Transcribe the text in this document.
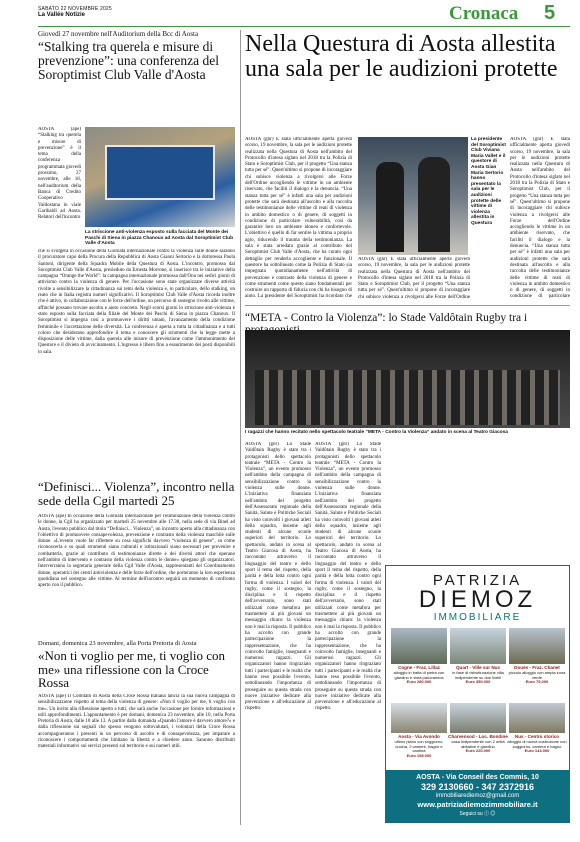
SABATO 22 NOVEMBRE 2025
La Vallée Notizie	Cronaca 5
Giovedì 27 novembre nell'Auditorium della Bcc di Aosta
“Stalking tra querela e misure di prevenzione”: una conferenza del Soroptimist Club Valle d'Aosta
AOSTA (ape) “Stalking tra querela e misure di prevenzione” è il tema della conferenza programmata giovedì prossimo, 27 novembre, alle 18, nell'auditorium della Banca di Credito Cooperativo Valdostana in viale Garibaldi ad Aosta. Relatori dell'incontro
La striscione anti-violenza esposto sulla facciata del Monte dei Paschi di Siena in piazza Chanoux ad Aosta dal Soroptimist Club Valle d'Aosta
che si svolgerà in occasione della Giornata internazionale contro la violenza sulle donne saranno il procuratore capo della Procura della Repubblica di Aosta Gianni Sertorio e la dottoressa Paola Santoni, dirigente della Squadra Mobile della Questura di Aosta. L'incontro, promosso dal Soroptimist Club Valle d'Aosta, presieduto da Ernesta Morrone, si inserisce tra le iniziative della campagna “Orange the World”: la campagna internazionale promossa dall'Onu nei sedici giorni di attivismo contro la violenza di genere. Per l'occasione sono state organizzate diverse attività rivolte a sensibilizzare la cittadinanza sui temi della violenza e, in particolare, dello stalking, un reato che in Italia registra numeri significativi. Il Soroptimist Club Valle d'Aosta ricorda inoltre che è attivo, in collaborazione con le forze dell'ordine, un percorso di sostegno rivolto alle vittime, affinché possano trovare ascolto e aiuto concreto. Negli scorsi giorni lo striscione anti-violenza è stato esposto sulla facciata della filiale del Monte dei Paschi di Siena in piazza Chanoux. Il Soroptimist si impegna così a promuovere i diritti umani, l'avanzamento della condizione femminile e l'accettazione delle diversità. La conferenza è aperta a tutta la cittadinanza e a tutti coloro che desiderano approfondire il tema e conoscere gli strumenti che la legge mette a disposizione delle vittime, dalla querela alle misure di prevenzione come l'ammonimento del Questore e il divieto di avvicinamento. L'ingresso è libero fino a esaurimento dei posti disponibili in sala.
“Definisci... Violenza”, incontro nella sede della Cgil martedì 25
AOSTA (ape) In occasione della Giornata internazionale per l'eliminazione della violenza contro le donne, la Cgil ha organizzato per martedì 25 novembre alle 17.30, nella sede di via Binel ad Aosta, l'evento pubblico dal titolo “Definisci... Violenza”, un incontro aperto alla cittadinanza con l'obiettivo di promuovere consapevolezza, prevenzione e contrasto della violenza maschile sulle donne. «L'evento vuole far riflettere su cosa significhi davvero “violenza di genere”, su come riconoscerla e su quali strumenti siano culturali e istituzionali siano necessari per prevenire e combatterla, grazie al contributo di testimonianze dirette e dei diversi attori che operano nell'ambito di intervento e contrasto della violenza contro le donne» spiegano gli organizzatori. Interverranno la segretaria generale della Cgil Valle d'Aosta, rappresentanti del Coordinamento donne, operatrici dei centri antiviolenza e delle forze dell'ordine, che porteranno la loro esperienza quotidiana nel sostegno alle vittime. Al termine dell'incontro seguirà un momento di confronto aperto con il pubblico.
Domani, domenica 23 novembre, alla Porta Pretoria di Aosta
«Non ti voglio per me, ti voglio con me» una riflessione con la Croce Rossa
AOSTA (ape) Il Comitato di Aosta della Croce Rossa Italiana lancia la sua nuova campagna di sensibilizzazione rispetto al tema della violenza di genere: «Non ti voglio per me, ti voglio con me». Un invito alla riflessione aperto a tutti, che sarà anche l'occasione per fornire informazioni e utili approfondimenti. L'appuntamento è per domani, domenica 23 novembre, alle 10, nella Porta Pretoria di Aosta, dalle 10 alle 13. A partire dalla domanda «Quando l'amore è davvero amore?» e dalla riflessione sui segnali che spesso vengono sottovalutati, i volontari della Croce Rossa accompagneranno i presenti in un percorso di ascolto e di consapevolezza, per imparare a riconoscere i comportamenti che limitano la libertà e a chiedere aiuto. Saranno distribuiti materiali informativi sui servizi presenti sul territorio e sui numeri utili.
Nella Questura di Aosta allestita una sala per le audizioni protette
AOSTA (gnr) È stata ufficialmente aperta giovedì scorso, 19 novembre, la sala per le audizioni protette realizzata nella Questura di Aosta nell'ambito del Protocollo d'intesa siglato nel 2018 tra la Polizia di Stato e Soroptimist Club, per il progetto “Una stanza tutta per sé”. Quest'ultimo si propone di incoraggiare chi subisce violenza a rivolgersi alle Forze dell'Ordine accogliendo le vittime in un ambiente riservato, che faciliti il dialogo e la denuncia. “Una stanza tutta per sé” è infatti una sala per audizioni protette che sarà destinata all'ascolto e alla raccolta delle testimonianze delle vittime di reati di violenza in ambito domestico o di genere, di soggetti in condizione di particolare vulnerabilità, così da garantire loro un ambiente idoneo e confortevole. L'obiettivo è quello di far sentire la vittima a proprio agio, riducendo il trauma della testimonianza. La sala è stata arredata grazie al contributo del Soroptimist Club Valle d'Aosta, che ha curato ogni dettaglio per renderla accogliente e funzionale. Il questore ha sottolineato come la Polizia di Stato sia impegnata quotidianamente nell'attività di prevenzione e contrasto della violenza di genere e come strumenti come questo siano fondamentali per costruire un rapporto di fiducia con chi ha bisogno di aiuto. La presidente del Soroptimist ha ricordato che
La presidente del Soroptimist Club Viviana Maria Vallet e il questore di Aosta Gian Maria Sertorio hanno presentato la sala per le audizioni protette delle vittime di violenza allestita in Questura
AOSTA (gnr) È stata ufficialmente aperta giovedì scorso, 19 novembre, la sala per le audizioni protette realizzata nella Questura di Aosta nell'ambito del Protocollo d'intesa siglato nel 2018 tra la Polizia di Stato e Soroptimist Club, per il progetto “Una stanza tutta per sé”. Quest'ultimo si propone di incoraggiare chi subisce violenza a rivolgersi alle Forze dell'Ordine
AOSTA (gnr) È stata ufficialmente aperta giovedì scorso, 19 novembre, la sala per le audizioni protette realizzata nella Questura di Aosta nell'ambito del Protocollo d'intesa siglato nel 2018 tra la Polizia di Stato e Soroptimist Club, per il progetto “Una stanza tutta per sé”. Quest'ultimo si propone di incoraggiare chi subisce violenza a rivolgersi alle Forze dell'Ordine accogliendo le vittime in un ambiente riservato, che faciliti il dialogo e la denuncia. “Una stanza tutta per sé” è infatti una sala per audizioni protette che sarà destinata all'ascolto e alla raccolta delle testimonianze delle vittime di reati di violenza in ambito domestico o di genere, di soggetti in condizione di particolare
“META - Contro la Violenza”: lo Stade Valdôtain Rugby tra i
I ragazzi che hanno recitato nello spettacolo teatrale “META - Contro la Violenza” andato in scena al Teatro Giacosa
AOSTA (gnr) Lo Stade Valdôtain Rugby è stato tra i protagonisti dello spettacolo teatrale “META - Contro la Violenza”, un evento promosso nell'ambito della campagna di sensibilizzazione contro la violenza sulle donne. L'iniziativa finanziata nell'ambito del progetto dell'Assessorato regionale della Sanità, Salute e Politiche Sociali ha visto coinvolti i giovani atleti della squadra, insieme agli studenti di alcune scuole superiori del territorio. Lo spettacolo, andato in scena al Teatro Giacosa di Aosta, ha raccontato attraverso il linguaggio del teatro e dello sport il tema del rispetto, della parità e della lotta contro ogni forma di violenza. I valori del rugby, come il sostegno, la disciplina e il rispetto dell'avversario, sono stati utilizzati come metafora per trasmettere ai più giovani un messaggio chiaro: la violenza non è mai la risposta. Il pubblico ha accolto con grande partecipazione la rappresentazione, che ha coinvolto famiglie, insegnanti e numerosi ragazzi. Gli organizzatori hanno ringraziato tutti i partecipanti e le realtà che hanno reso possibile l'evento, sottolineando l'importanza di proseguire su questa strada con nuove iniziative dedicate alla prevenzione e all'educazione al rispetto.
AOSTA (gnr) Lo Stade Valdôtain Rugby è stato tra i protagonisti dello spettacolo teatrale “META - Contro la Violenza”, un evento promosso nell'ambito della campagna di sensibilizzazione contro la violenza sulle donne. L'iniziativa finanziata nell'ambito del progetto dell'Assessorato regionale della Sanità, Salute e Politiche Sociali ha visto coinvolti i giovani atleti della squadra, insieme agli studenti di alcune scuole superiori del territorio. Lo spettacolo, andato in scena al Teatro Giacosa di Aosta, ha raccontato attraverso il linguaggio del teatro e dello sport il tema del rispetto, della parità e della lotta contro ogni forma di violenza. I valori del rugby, come il sostegno, la disciplina e il rispetto dell'avversario, sono stati utilizzati come metafora per trasmettere ai più giovani un messaggio chiaro: la violenza non è mai la risposta. Il pubblico ha accolto con grande partecipazione la rappresentazione, che ha coinvolto famiglie, insegnanti e numerosi ragazzi. Gli organizzatori hanno ringraziato tutti i partecipanti e le realtà che hanno reso possibile l'evento, sottolineando l'importanza di proseguire su questa strada con nuove iniziative dedicate alla prevenzione e all'educazione al rispetto.
PATRIZIA
DIEMOZ
IMMOBILIARE
Cogne - Fraz. Lillaz
alloggio in baita di pietra con giardino e vista panoramica
Euro 280.000
Quart - Ville sur Nus
in fase di ristrutturazione villa indipendente su due livelli
Euro 350.000
Doues - Fraz. Chanet
piccolo alloggio con ampia zona verde
Euro 75.000
Aosta - Via Avondo
ultimo piano con soggiorno, cucina, 2 camere, bagno e cantina
Euro 198.000
Charvensod - Loc. Bondine
casa indipendente con 2 unità abitative e giardino
Euro 220.000
Nus - Centro storico
alloggio di nuova costruzione con soggiorno, camera e bagno
Euro 143.000
AOSTA - Via Conseil des Commis, 10
329 2130660 - 347 2372916
immobiliarediemoz@gmail.com
www.patriziadiemozimmobiliare.it
Seguici su ⓕ ◎
